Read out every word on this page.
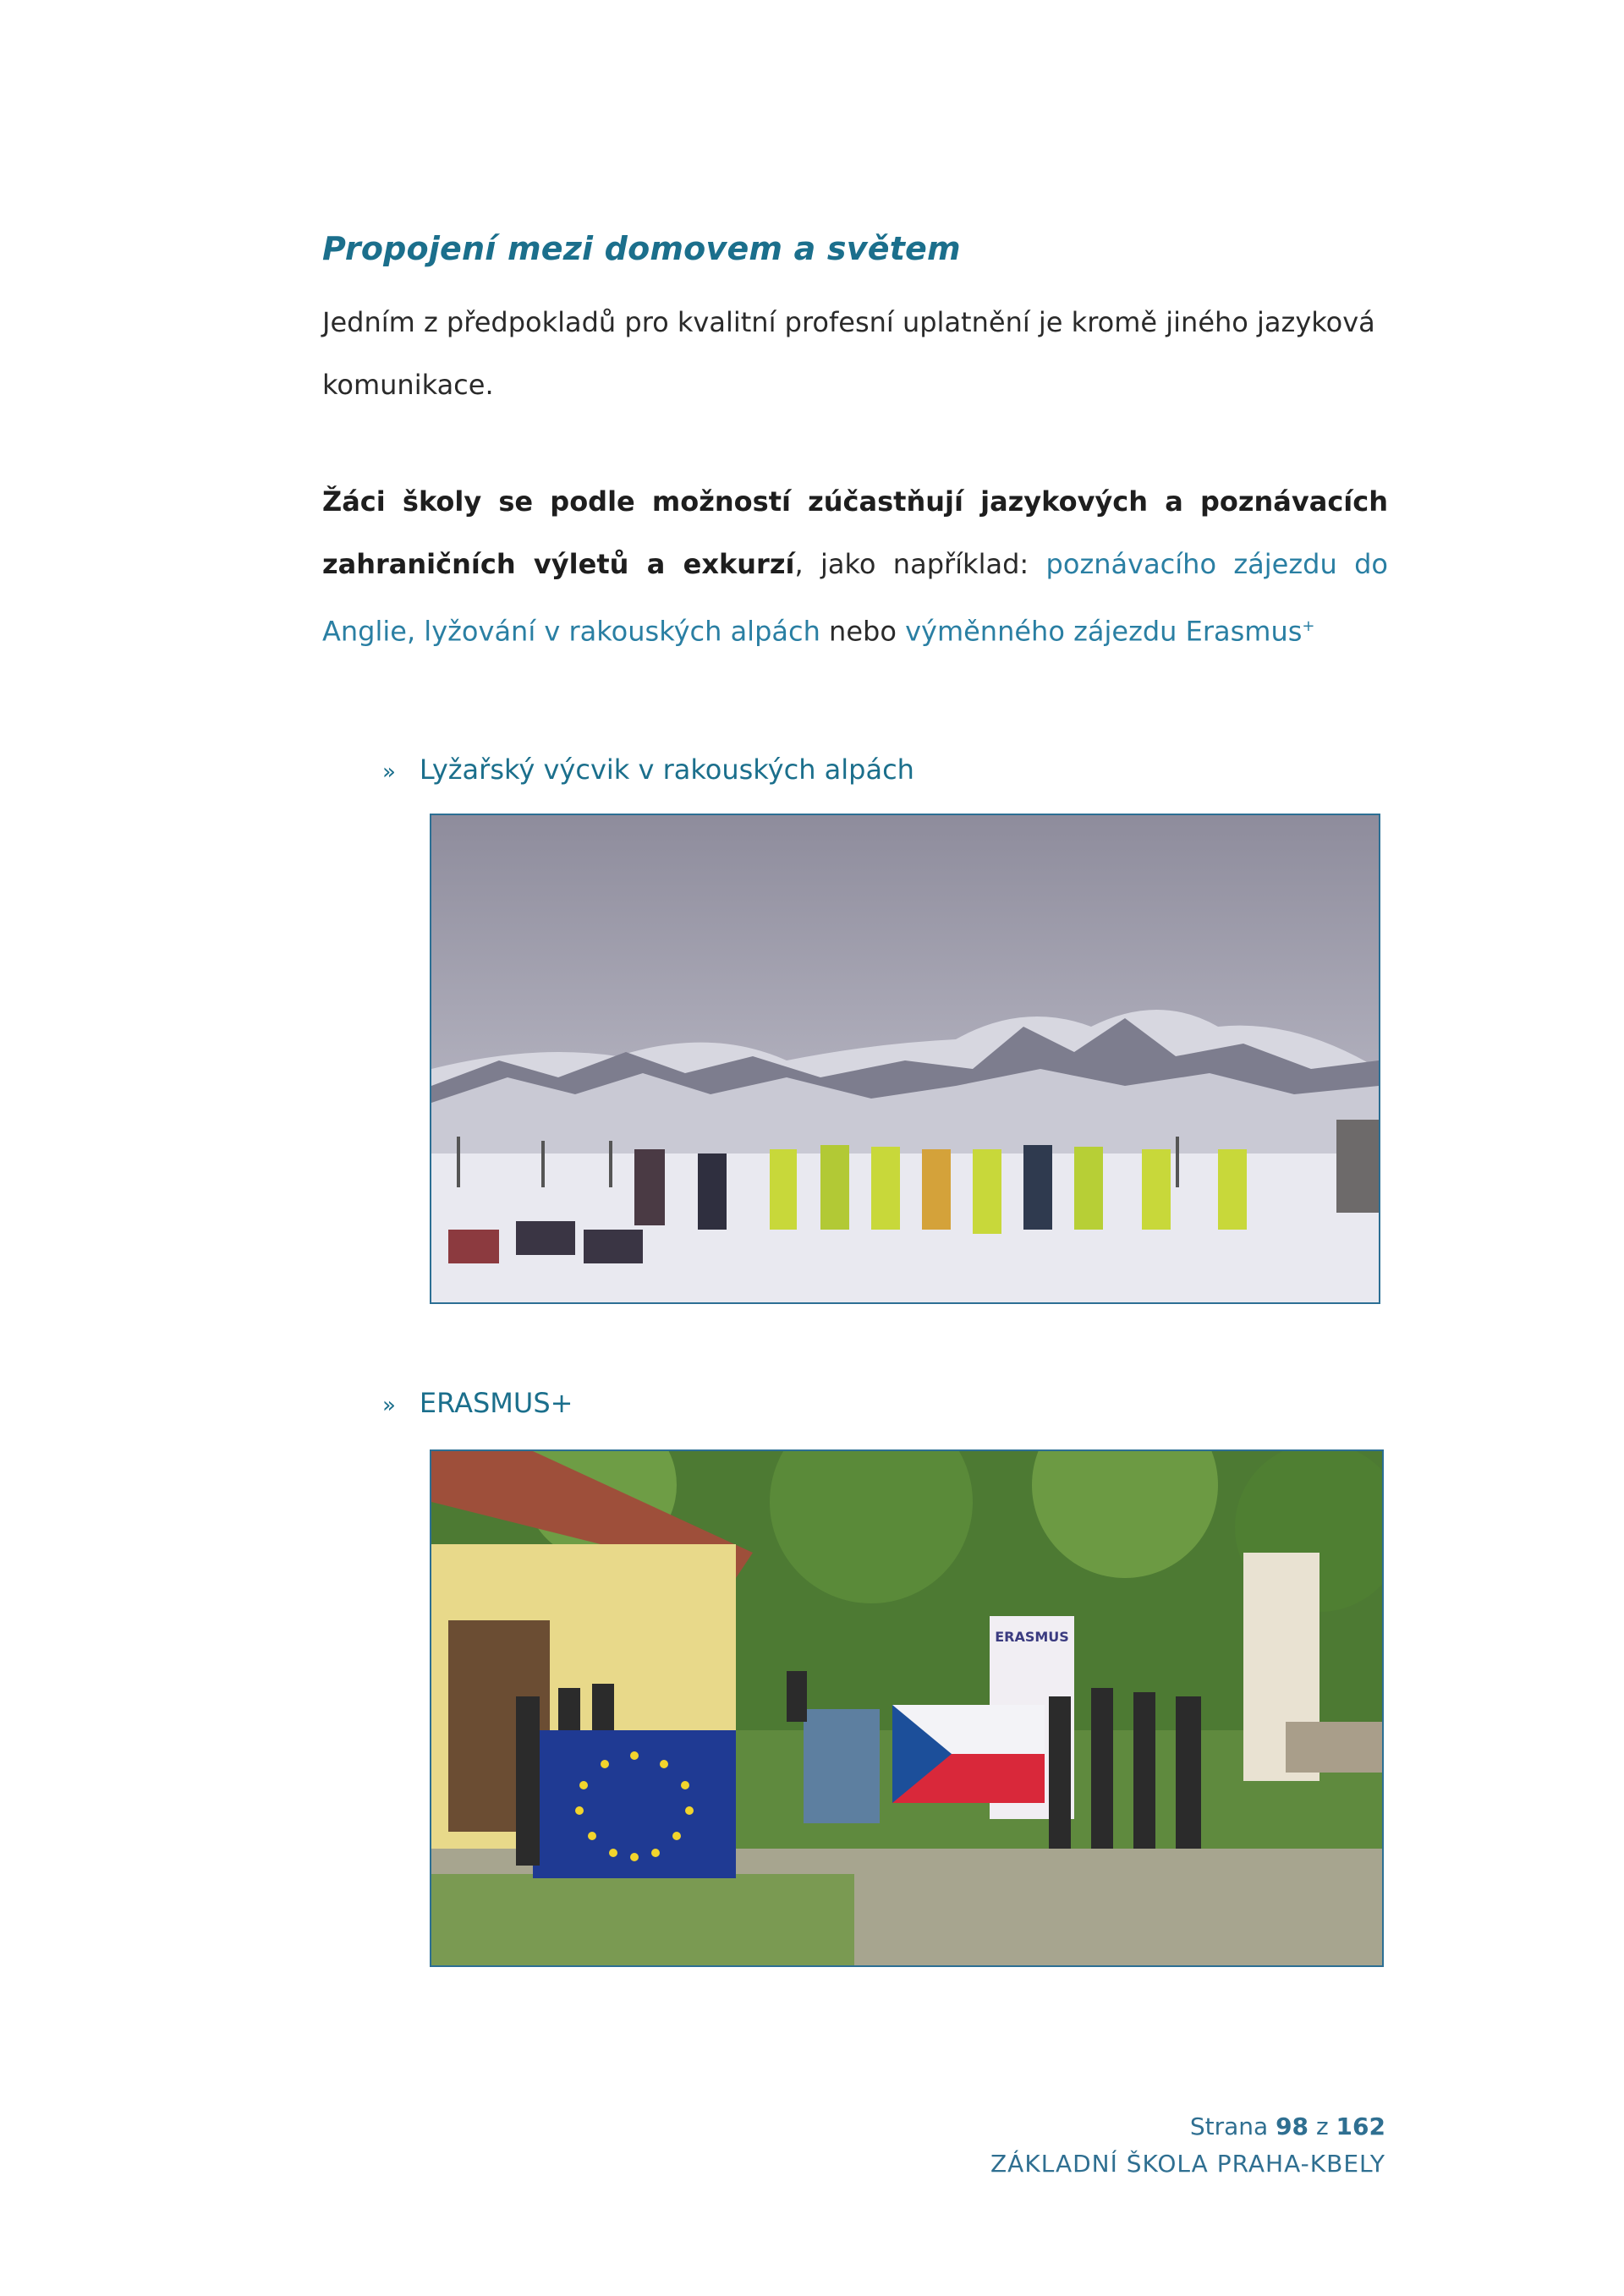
Propojení mezi domovem a světem
Jedním z předpokladů pro kvalitní profesní uplatnění je kromě jiného jazyková komunikace.
Žáci školy se podle možností zúčastňují jazykových a poznávacích zahraničních výletů a exkurzí, jako například: poznávacího zájezdu do Anglie, lyžování v rakouských alpách nebo výměnného zájezdu Erasmus+
» Lyžařský výcvik v rakouských alpách
» ERASMUS+
ERASMUS
Strana 98 z 162
ZÁKLADNÍ ŠKOLA PRAHA-KBELY
